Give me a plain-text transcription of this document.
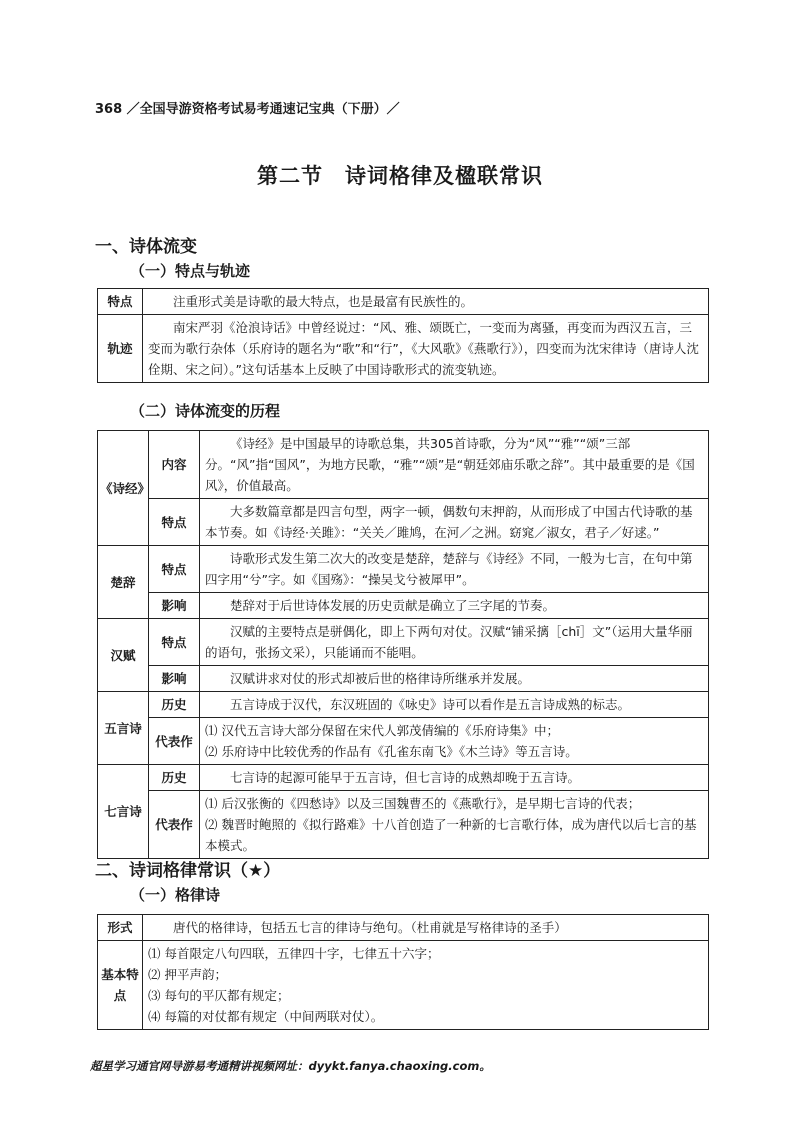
368 ／全国导游资格考试易考通速记宝典（下册）／
第二节　诗词格律及楹联常识
一、诗体流变
（一）特点与轨迹
特点	注重形式美是诗歌的最大特点，也是最富有民族性的。

轨迹	南宋严羽《沧浪诗话》中曾经说过：“风、雅、颂既亡，一变而为离骚，再变而为西汉五言，三变而为歌行杂体（乐府诗的题名为“歌”和“行”，《大风歌》《燕歌行》），四变而为沈宋律诗（唐诗人沈佺期、宋之问）。”这句话基本上反映了中国诗歌形式的流变轨迹。

（二）诗体流变的历程
《诗经》	内容	《诗经》是中国最早的诗歌总集，共305首诗歌，分为“风”“雅”“颂”三部分。“风”指“国风”，为地方民歌，“雅”“颂”是“朝廷郊庙乐歌之辞”。其中最重要的是《国风》，价值最高。

	特点	大多数篇章都是四言句型，两字一顿，偶数句末押韵，从而形成了中国古代诗歌的基本节奏。如《诗经·关雎》：“关关／雎鸠，在河／之洲。窈窕／淑女，君子／好逑。”

楚辞	特点	诗歌形式发生第二次大的改变是楚辞，楚辞与《诗经》不同，一般为七言，在句中第四字用“兮”字。如《国殇》：“操吴戈兮被犀甲”。

	影响	楚辞对于后世诗体发展的历史贡献是确立了三字尾的节奏。

汉赋	特点	汉赋的主要特点是骈偶化，即上下两句对仗。汉赋“铺采摛［chī］文”（运用大量华丽的语句，张扬文采），只能诵而不能唱。

	影响	汉赋讲求对仗的形式却被后世的格律诗所继承并发展。

五言诗	历史	五言诗成于汉代，东汉班固的《咏史》诗可以看作是五言诗成熟的标志。

	代表作	⑴ 汉代五言诗大部分保留在宋代人郭茂倩编的《乐府诗集》中；

⑵ 乐府诗中比较优秀的作品有《孔雀东南飞》《木兰诗》等五言诗。

七言诗	历史	七言诗的起源可能早于五言诗，但七言诗的成熟却晚于五言诗。

	代表作	⑴ 后汉张衡的《四愁诗》以及三国魏曹丕的《燕歌行》，是早期七言诗的代表；

⑵ 魏晋时鲍照的《拟行路难》十八首创造了一种新的七言歌行体，成为唐代以后七言的基本模式。

二、诗词格律常识（★）
（一）格律诗
形式	唐代的格律诗，包括五七言的律诗与绝句。（杜甫就是写格律诗的圣手）

基本特点	⑴ 每首限定八句四联，五律四十字，七律五十六字；

⑵ 押平声韵；

⑶ 每句的平仄都有规定；

⑷ 每篇的对仗都有规定（中间两联对仗）。

超星学习通官网导游易考通精讲视频网址：dyykt.fanya.chaoxing.com。
